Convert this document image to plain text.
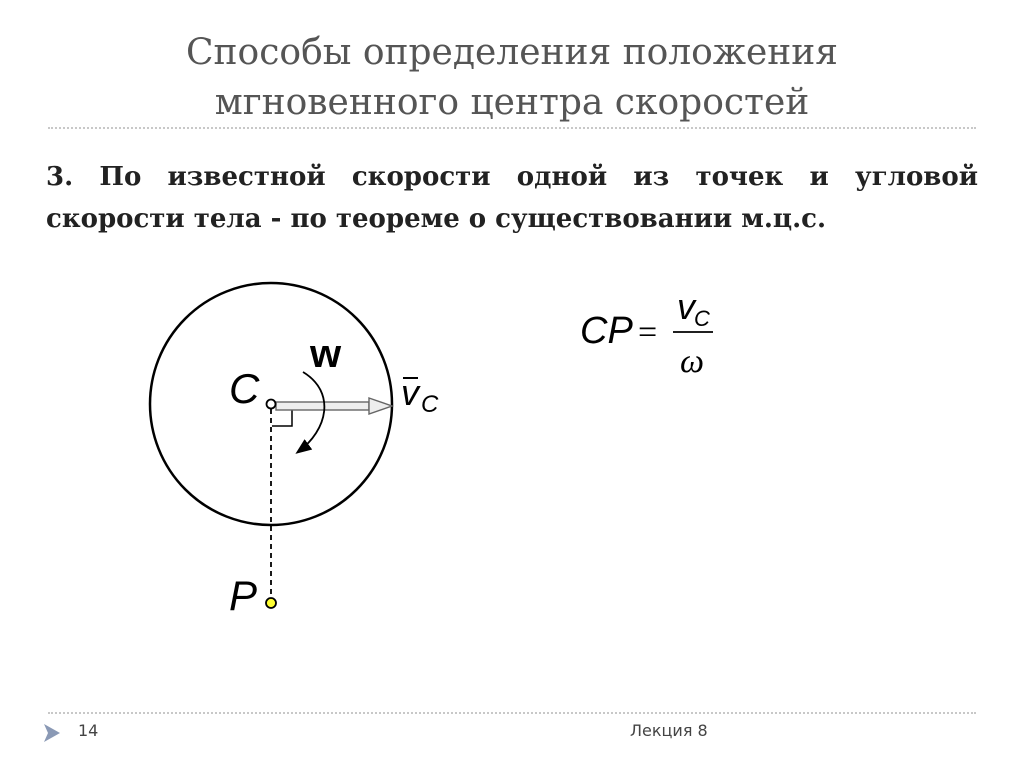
Способы определения положения
мгновенного центра скоростей
3. По известной скорости одной из точек и угловой
скорости тела - по теореме о существовании м.ц.с.
C
P
w
v C
CP =
v C
ω
14	Лекция 8
